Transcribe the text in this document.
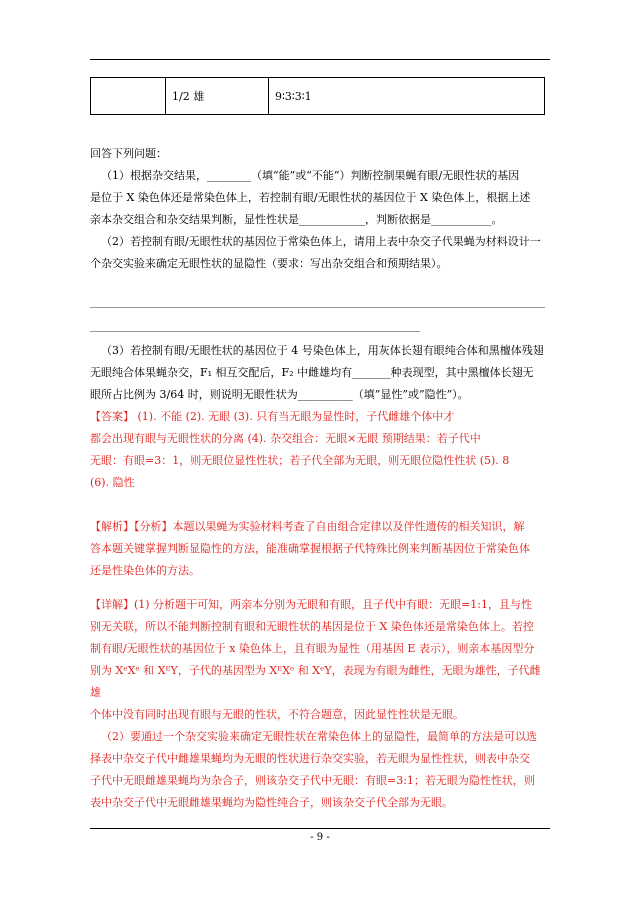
	1/2 雄	9∶3∶3∶1
回答下列问题：
（1）根据杂交结果，________（填“能”或“不能”）判断控制果蝇有眼/无眼性状的基因
是位于 X 染色体还是常染色体上，若控制有眼/无眼性状的基因位于 X 染色体上，根据上述
亲本杂交组合和杂交结果判断，显性性状是____________，判断依据是___________。
（2）若控制有眼/无眼性状的基因位于常染色体上，请用上表中杂交子代果蝇为材料设计一
个杂交实验来确定无眼性状的显隐性（要求：写出杂交组合和预期结果）。
（3）若控制有眼/无眼性状的基因位于 4 号染色体上，用灰体长翅有眼纯合体和黑檀体残翅
无眼纯合体果蝇杂交，F₁ 相互交配后，F₂ 中雌雄均有_______种表现型，其中黑檀体长翅无
眼所占比例为 3/64 时，则说明无眼性状为__________（填”显性”或”隐性”）。
【答案】 (1). 不能 (2). 无眼 (3). 只有当无眼为显性时，子代雌雄个体中才
都会出现有眼与无眼性状的分离 (4). 杂交组合：无眼×无眼 预期结果：若子代中
无眼：有眼=3：1，则无眼位显性性状；若子代全部为无眼，则无眼位隐性性状 (5). 8
(6). 隐性
【解析】【分析】本题以果蝇为实验材料考查了自由组合定律以及伴性遗传的相关知识，解
答本题关键掌握判断显隐性的方法，能准确掌握根据子代特殊比例来判断基因位于常染色体
还是性染色体的方法。
【详解】(1) 分析题干可知，两亲本分别为无眼和有眼，且子代中有眼：无眼=1:1，且与性
别无关联，所以不能判断控制有眼和无眼性状的基因是位于 X 染色体还是常染色体上。若控
制有眼/无眼性状的基因位于 x 染色体上，且有眼为显性（用基因 E 表示），则亲本基因型分
别为 XᵉXᵉ 和 XᴱY，子代的基因型为 XᴱXᵉ 和 XᵉY，表现为有眼为雌性，无眼为雄性，子代雌雄
个体中没有同时出现有眼与无眼的性状，不符合题意，因此显性性状是无眼。
（2）要通过一个杂交实验来确定无眼性状在常染色体上的显隐性，最简单的方法是可以选
择表中杂交子代中雌雄果蝇均为无眼的性状进行杂交实验，若无眼为显性性状，则表中杂交
子代中无眼雌雄果蝇均为杂合子，则该杂交子代中无眼：有眼=3:1；若无眼为隐性性状，则
表中杂交子代中无眼雌雄果蝇均为隐性纯合子，则该杂交子代全部为无眼。
- 9 -
